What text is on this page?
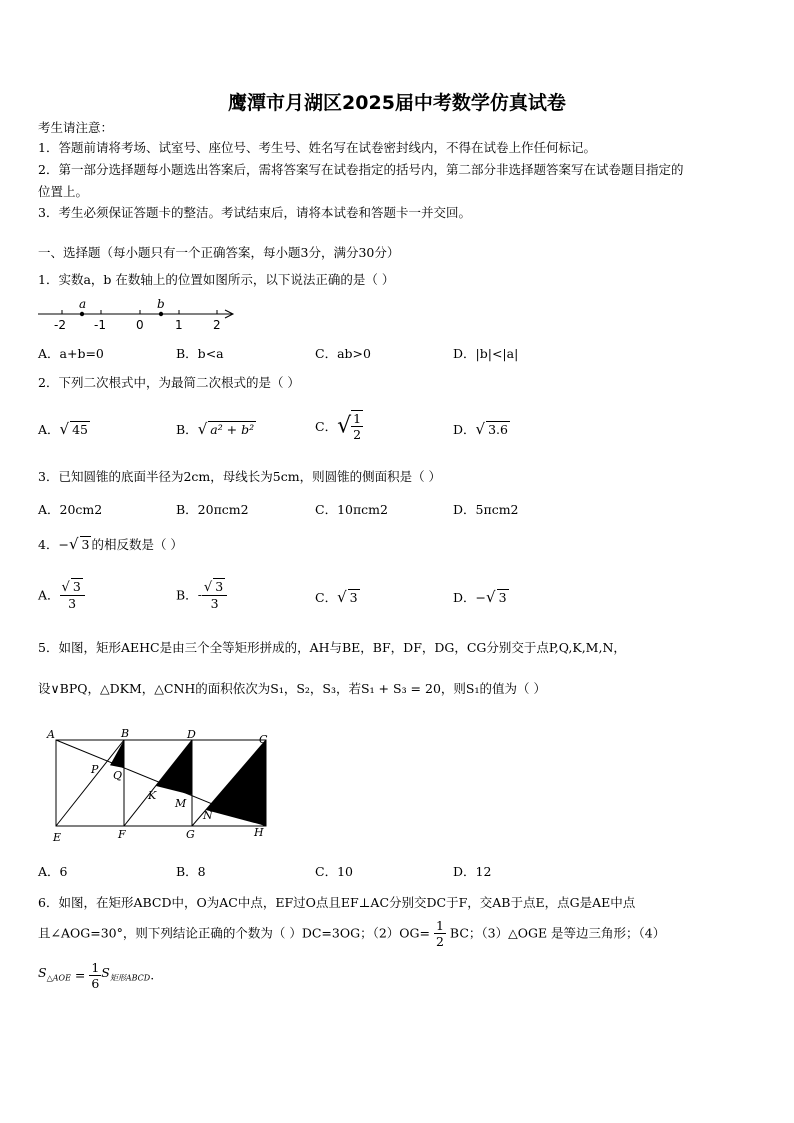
鹰潭市月湖区2025届中考数学仿真试卷
考生请注意：
1．答题前请将考场、试室号、座位号、考生号、姓名写在试卷密封线内，不得在试卷上作任何标记。
2．第一部分选择题每小题选出答案后，需将答案写在试卷指定的括号内，第二部分非选择题答案写在试卷题目指定的
位置上。
3．考生必须保证答题卡的整洁。考试结束后，请将本试卷和答题卡一并交回。
一、选择题（每小题只有一个正确答案，每小题3分，满分30分）
1．实数a，b 在数轴上的位置如图所示，以下说法正确的是（ ）
a	b
-2 -1	0	1	2
A．a+b=0	B．b<a	C．ab>0	D．|b|<|a|
2．下列二次根式中，为最简二次根式的是（ ）
A．√ 45	B．√ a² + b²	C．√ $\frac{1}{2}$	D．√ 3.6
3．已知圆锥的底面半径为2cm，母线长为5cm，则圆锥的侧面积是（ ）
A．20cm2	B．20πcm2	C．10πcm2	D．5πcm2
4．−√ 3 的相反数是（ ）
A． $\frac{√ 3}{3}$	B．- $\frac{√ 3}{3}$	C．√ 3	D．−√ 3
5．如图，矩形AEHC是由三个全等矩形拼成的，AH与BE，BF，DF，DG，CG分别交于点P,Q,K,M,N，
设∨BPQ，△DKM，△CNH的面积依次为S₁，S₂，S₃，若S₁ + S₃ = 20，则S₁的值为（ ）
A	B	D	C
P Q
K
M
N
E	F	G	H
A．6	B．8	C．10	D．12
6．如图，在矩形ABCD中，O为AC中点，EF过O点且EF⊥AC分别交DC于F，交AB于点E，点G是AE中点
且∠AOG=30°，则下列结论正确的个数为（ ）DC=3OG；$(2)OG= \frac{1}{2}$ BC；（3）△OGE 是等边三角形；（4）
$S_{\triangle AOE} = \frac{1}{6} S_{矩形ABCD}$.
